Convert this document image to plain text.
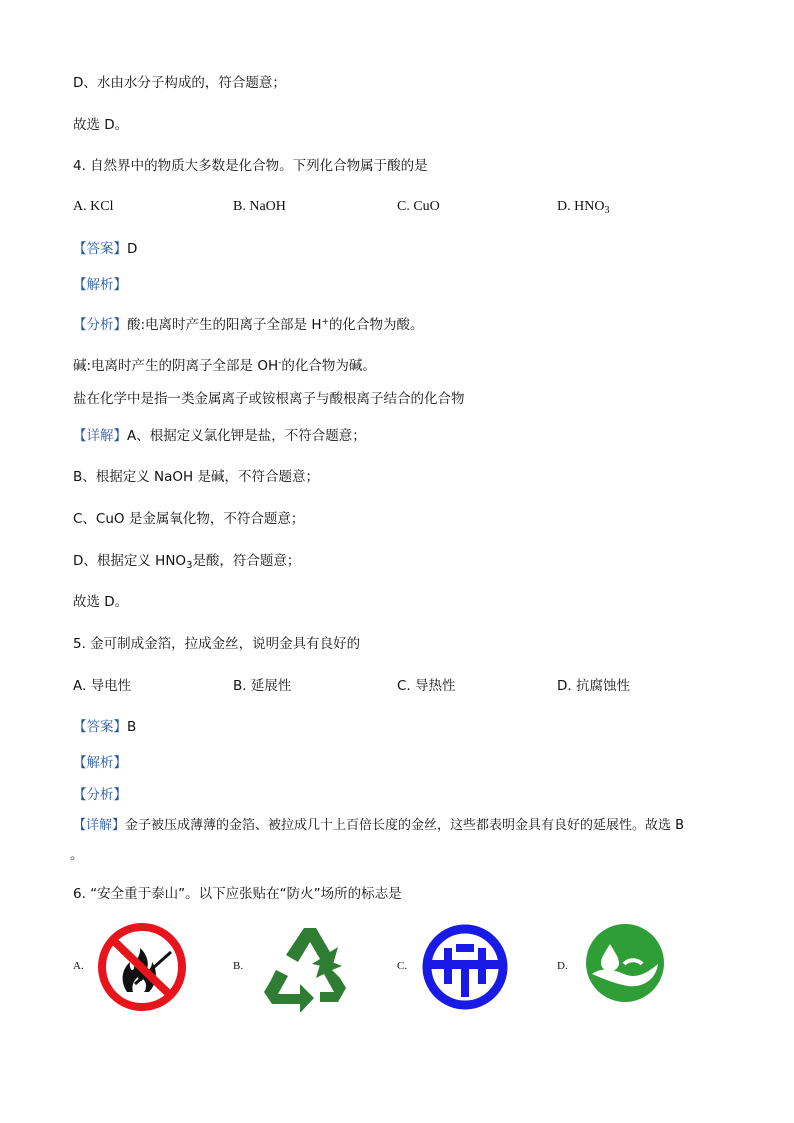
D、水由水分子构成的，符合题意；
故选 D。
4. 自然界中的物质大多数是化合物。下列化合物属于酸的是
A. KCl	B. NaOH	C. CuO	D. $HNO_3$
【答案】D
【解析】
【分析】酸:电离时产生的阳离子全部是 H+的化合物为酸。
碱:电离时产生的阴离子全部是 OH-的化合物为碱。
盐在化学中是指一类金属离子或铵根离子与酸根离子结合的化合物
【详解】A、根据定义氯化钾是盐，不符合题意；
B、根据定义 NaOH 是碱，不符合题意；
C、CuO 是金属氧化物，不符合题意；
D、根据定义 $HNO_3$是酸，符合题意；
故选 D。
5. 金可制成金箔，拉成金丝，说明金具有良好的
A. 导电性	B. 延展性	C. 导热性	D. 抗腐蚀性
【答案】B
【解析】
【分析】
【详解】金子被压成薄薄的金箔、被拉成几十上百倍长度的金丝，这些都表明金具有良好的延展性。故选 B
。
6. “安全重于泰山”。以下应张贴在“防火”场所的标志是
A.	B.	C.	D.
